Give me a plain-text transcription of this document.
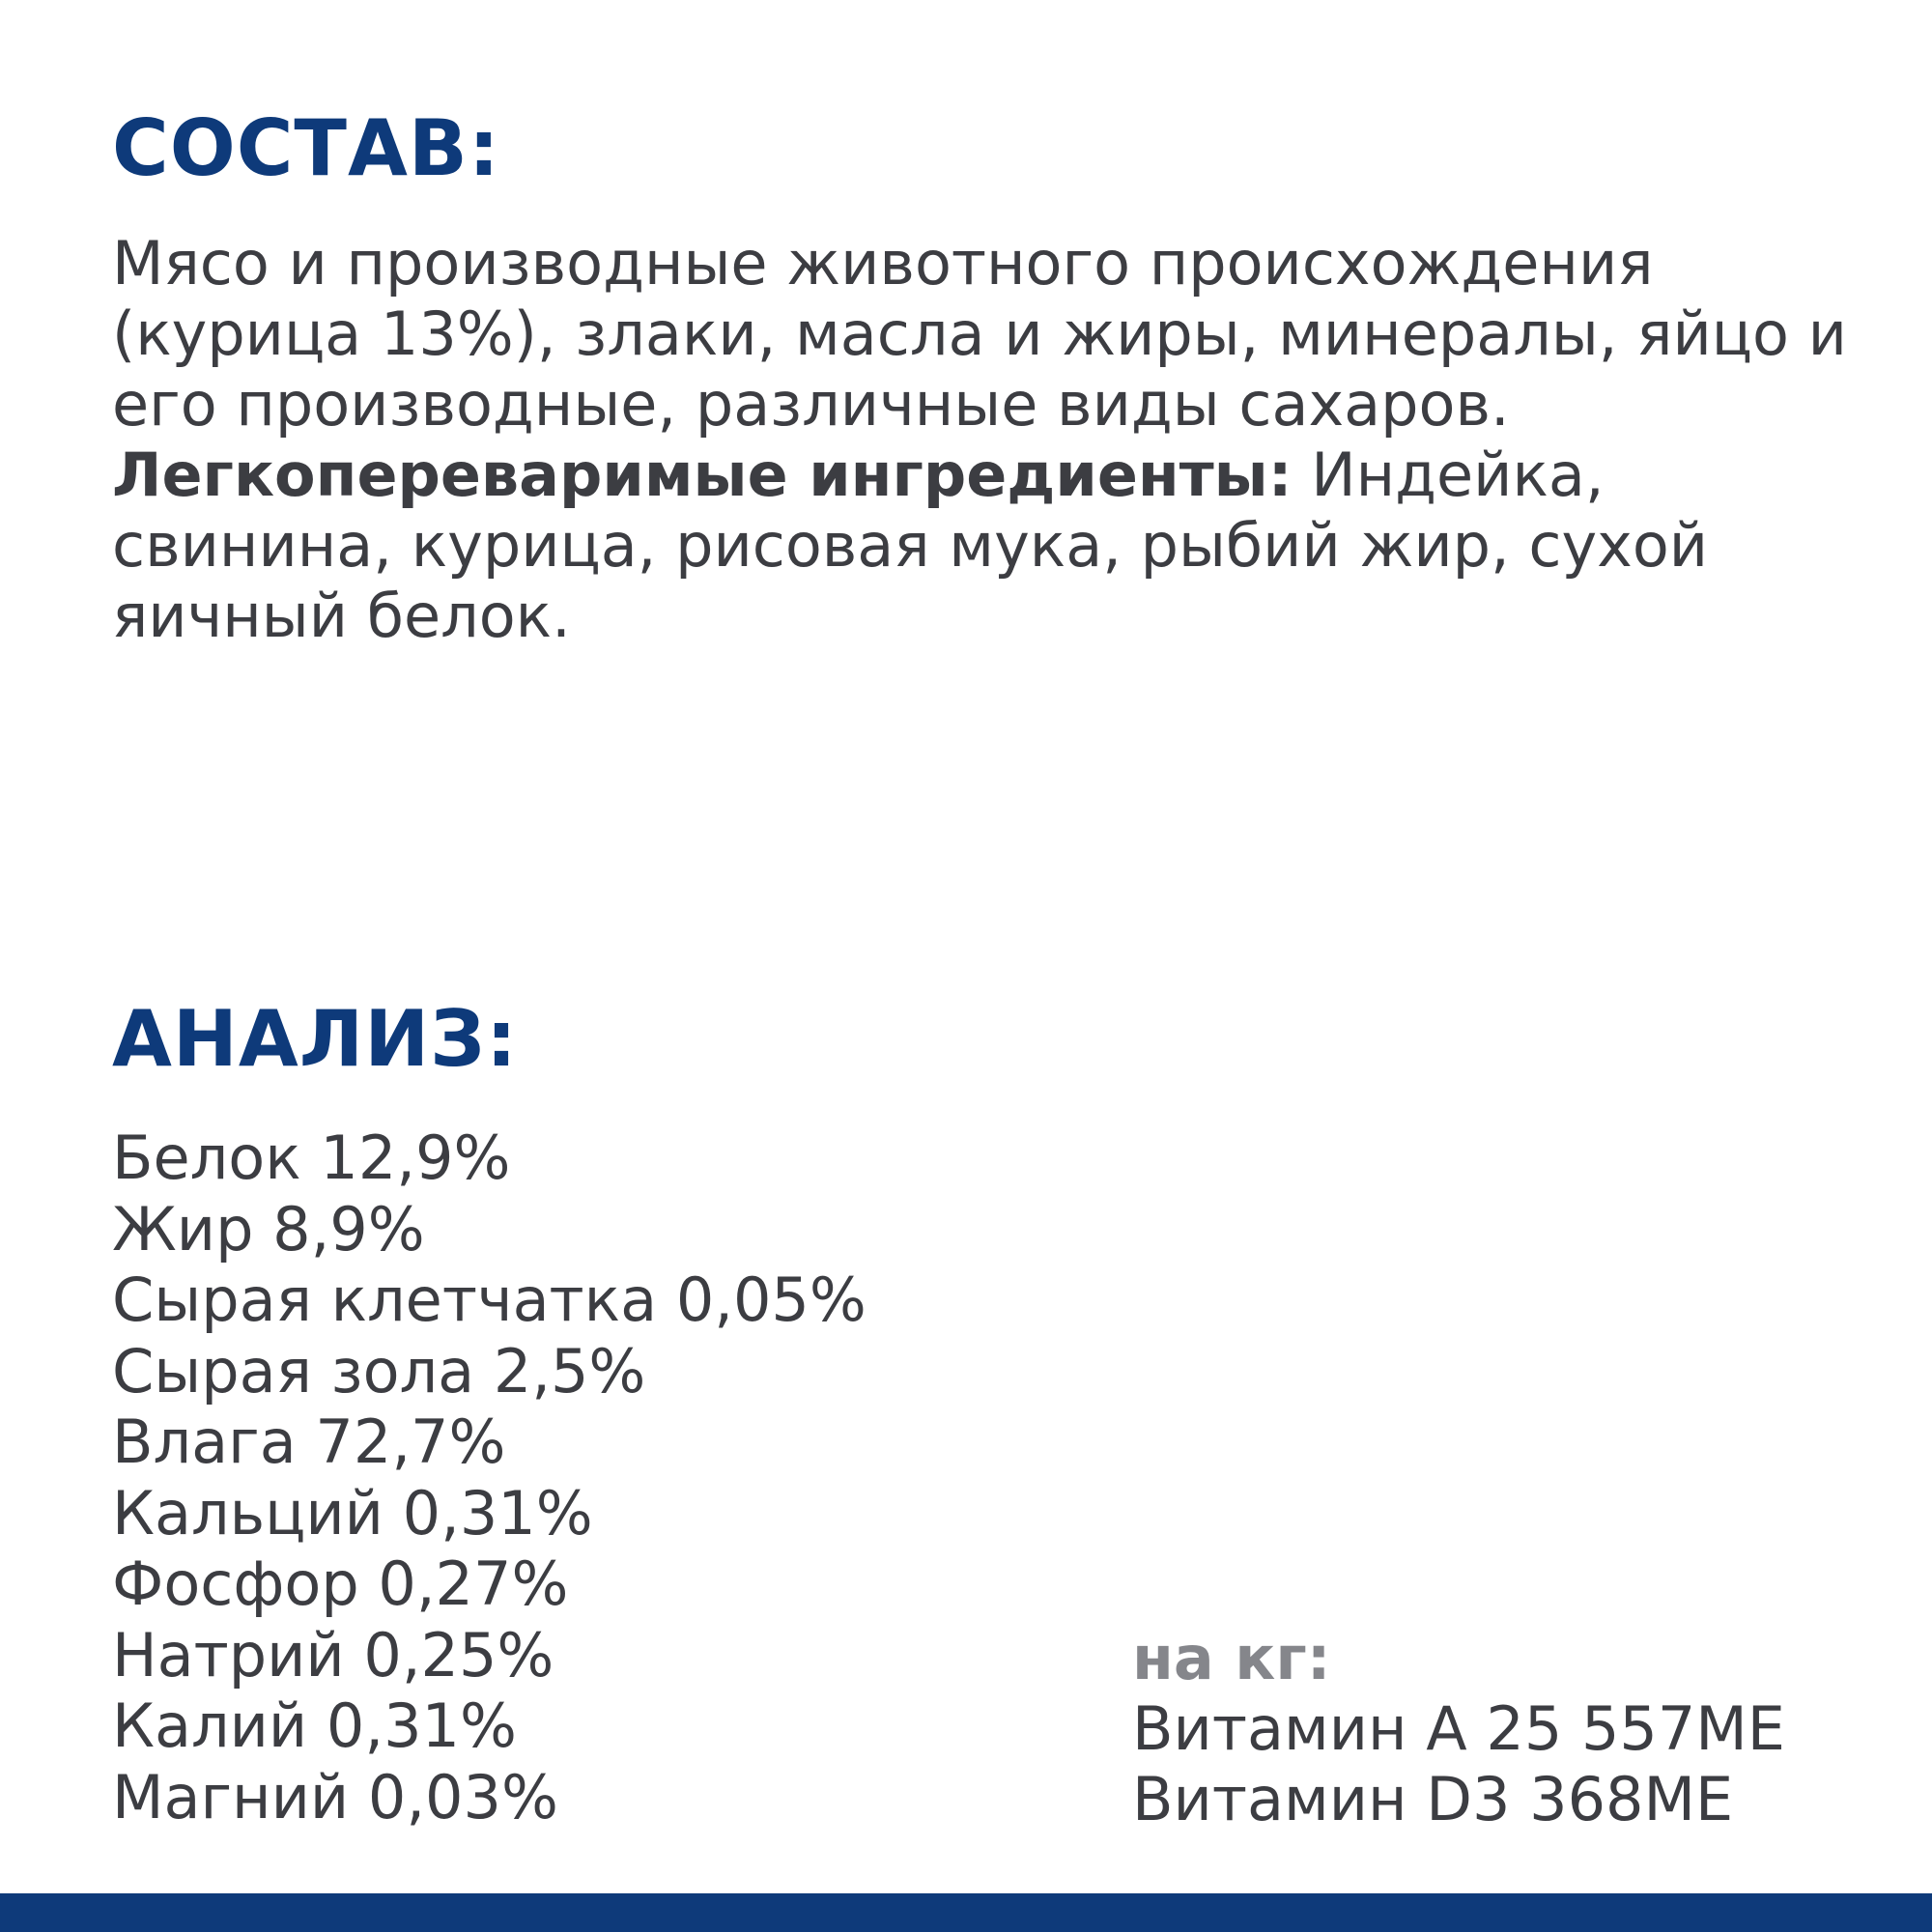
СОСТАВ:

Мясо и производные животного происхождения (курица 13%), злаки, масла и жиры, минералы, яйцо и его производные, различные виды сахаров.

Легкопереваримые ингредиенты: Индейка, свинина, курица, рисовая мука, рыбий жир, сухой яичный белок.

АНАЛИЗ:
Белок 12,9%
Жир 8,9%
Сырая клетчатка 0,05%
Сырая зола 2,5%
Влага 72,7%
Кальций 0,31%
Фосфор 0,27%
Натрий 0,25%
Калий 0,31%
Магний 0,03%
на кг:
Витамин А 25 557МЕ
Витамин D3 368МЕ
